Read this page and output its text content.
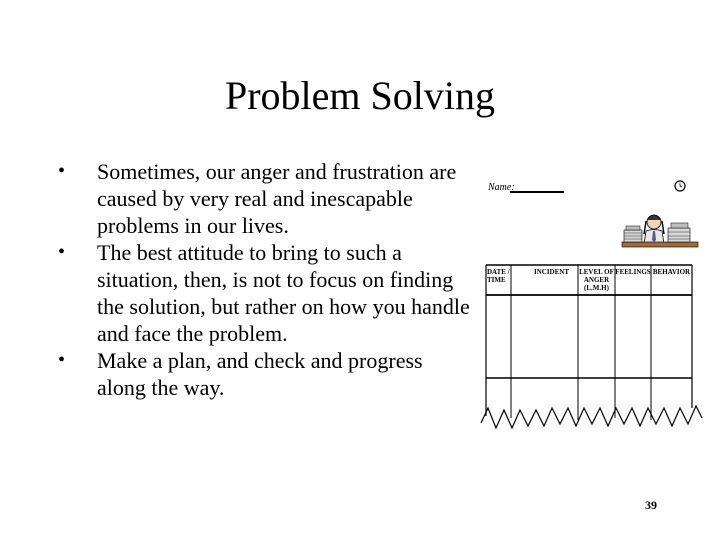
Problem Solving
• Sometimes, our anger and frustration are caused by very real and inescapable problems in our lives.
• The best attitude to bring to such a situation, then, is not to focus on finding the solution, but rather on how you handle and face the problem.
• Make a plan, and check and progress along the way.
Name:
DATE / TIME
INCIDENT	LEVEL OF ANGER (L.M.H)
FEELINGS BEHAVIOR
39
